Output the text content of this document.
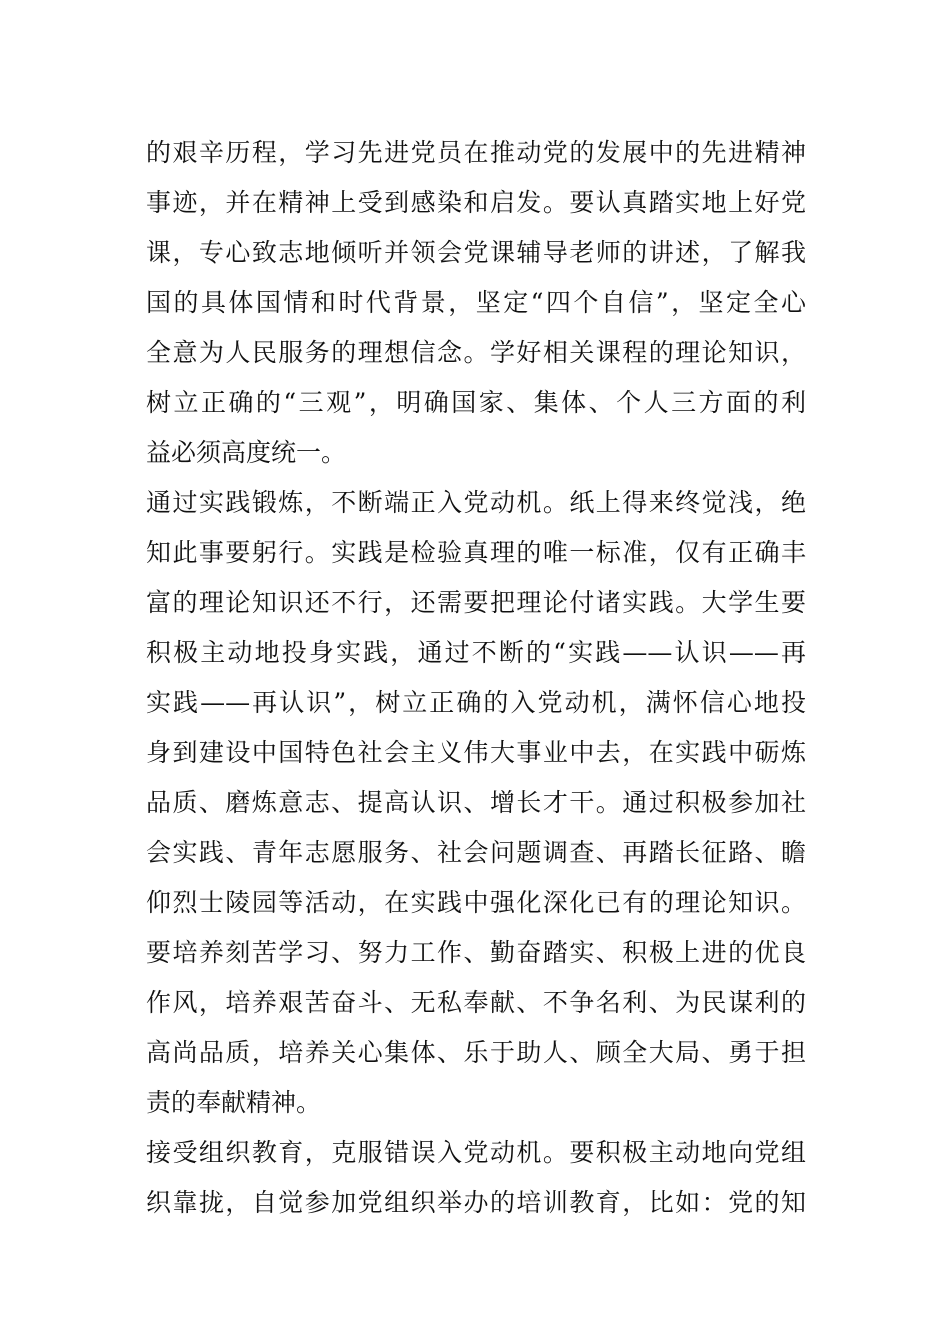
的艰辛历程，学习先进党员在推动党的发展中的先进精神
事迹，并在精神上受到感染和启发。要认真踏实地上好党
课，专心致志地倾听并领会党课辅导老师的讲述，了解我
国的具体国情和时代背景，坚定“四个自信”，坚定全心
全意为人民服务的理想信念。学好相关课程的理论知识，
树立正确的“三观”，明确国家、集体、个人三方面的利
益必须高度统一。
通过实践锻炼，不断端正入党动机。纸上得来终觉浅，绝
知此事要躬行。实践是检验真理的唯一标准，仅有正确丰
富的理论知识还不行，还需要把理论付诸实践。大学生要
积极主动地投身实践，通过不断的“实践——认识——再
实践——再认识”，树立正确的入党动机，满怀信心地投
身到建设中国特色社会主义伟大事业中去，在实践中砺炼
品质、磨炼意志、提高认识、增长才干。通过积极参加社
会实践、青年志愿服务、社会问题调查、再踏长征路、瞻
仰烈士陵园等活动，在实践中强化深化已有的理论知识。
要培养刻苦学习、努力工作、勤奋踏实、积极上进的优良
作风，培养艰苦奋斗、无私奉献、不争名利、为民谋利的
高尚品质，培养关心集体、乐于助人、顾全大局、勇于担
责的奉献精神。
接受组织教育，克服错误入党动机。要积极主动地向党组
织靠拢，自觉参加党组织举办的培训教育，比如：党的知
